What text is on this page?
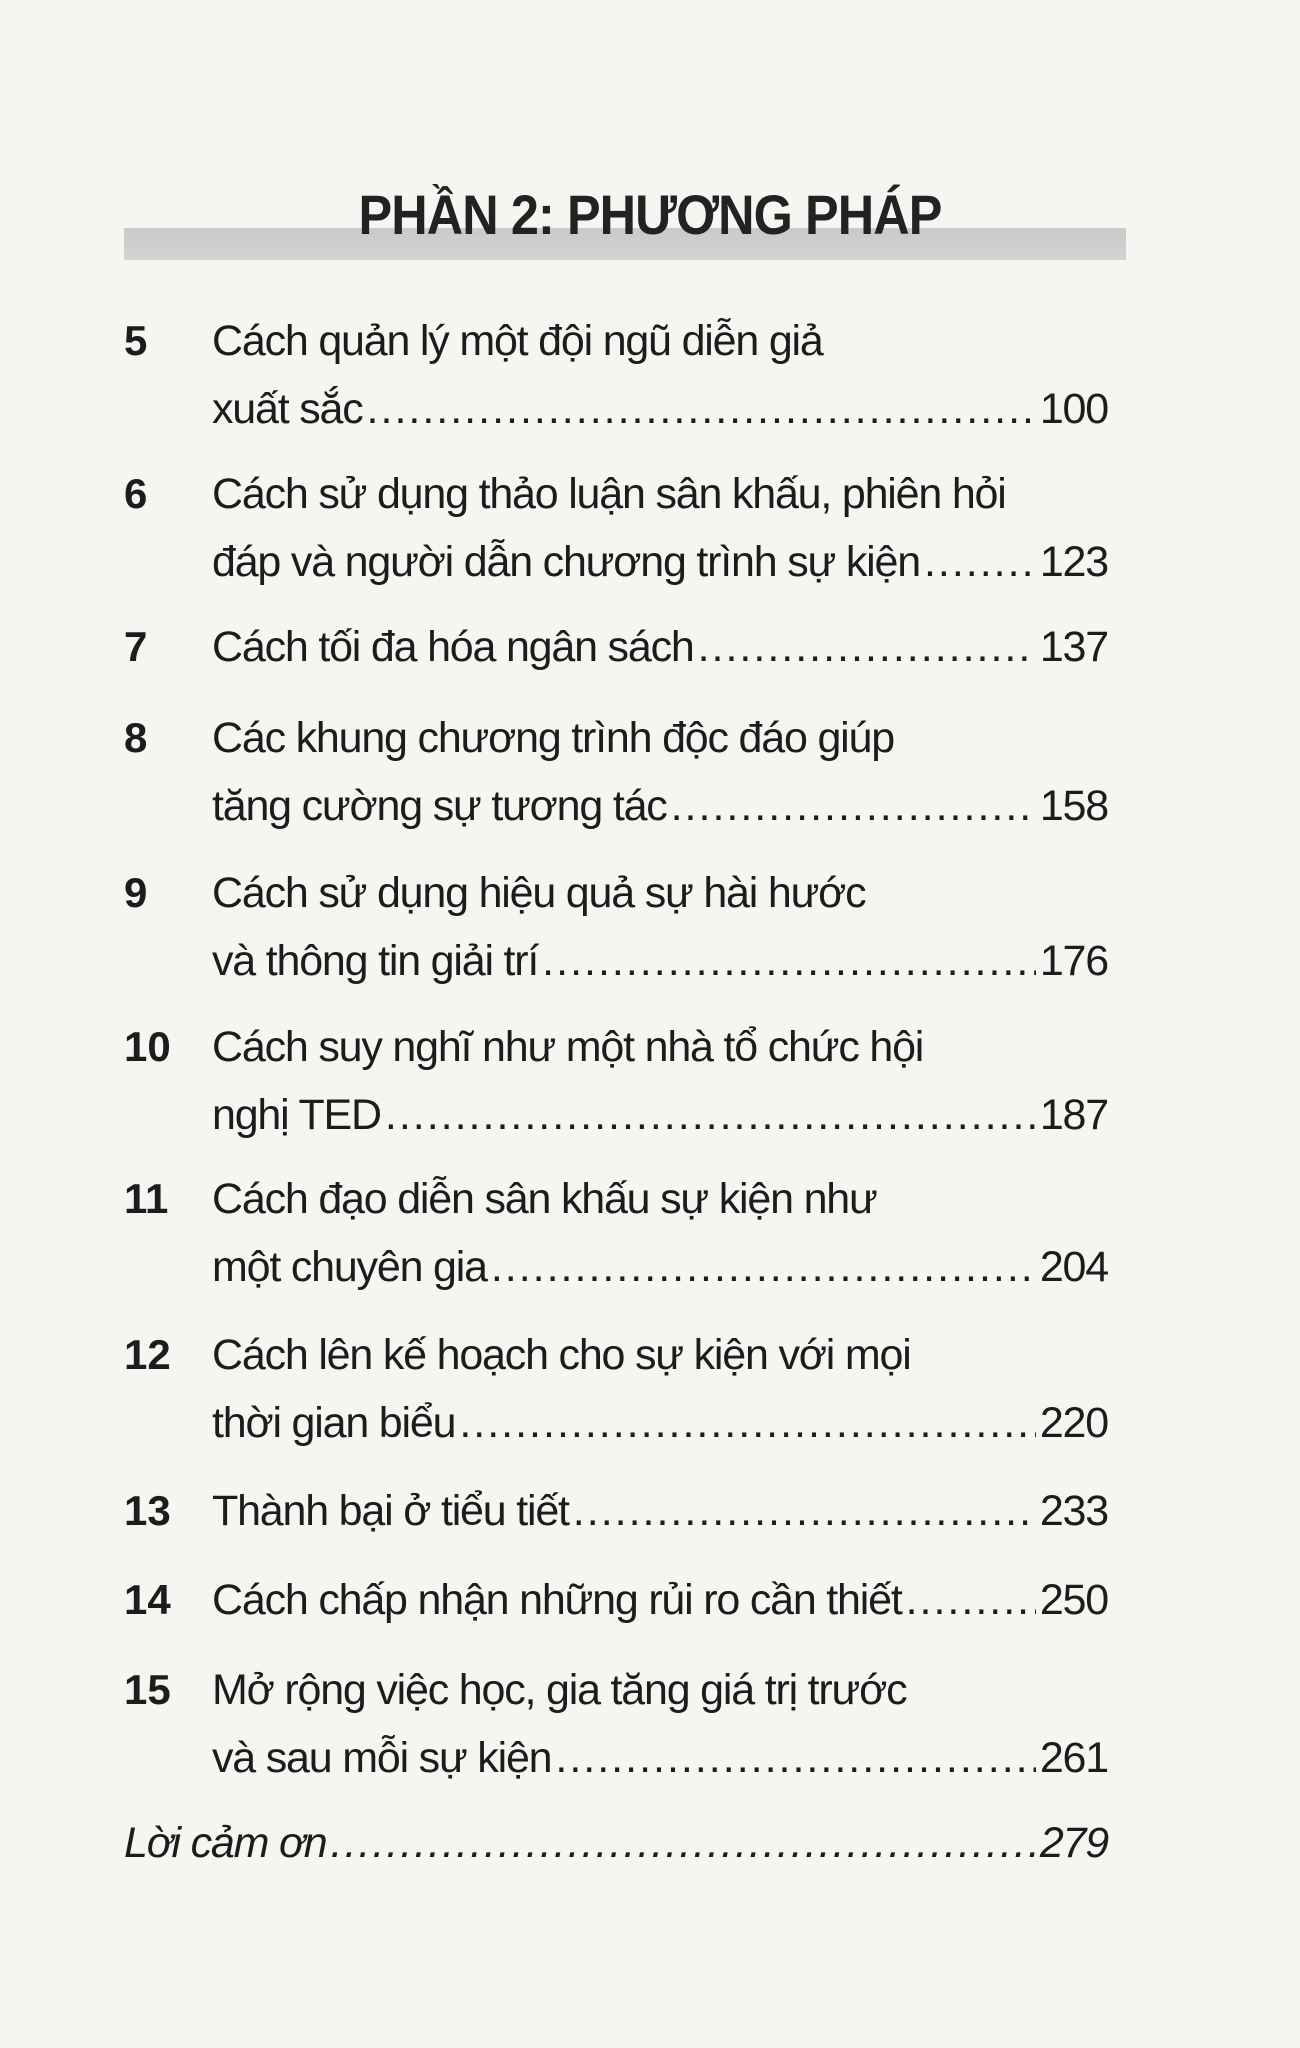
PHẦN 2: PHƯƠNG PHÁP
5 Cách quản lý một đội ngũ diễn giả
xuất sắc .....	100
6 Cách sử dụng thảo luận sân khấu, phiên hỏi
đáp và người dẫn chương trình sự kiện .....	123
7 Cách tối đa hóa ngân sách .....	137
8 Các khung chương trình độc đáo giúp
tăng cường sự tương tác .....	158
9 Cách sử dụng hiệu quả sự hài hước
và thông tin giải trí .....	176
10 Cách suy nghĩ như một nhà tổ chức hội
nghị TED .....	187
11 Cách đạo diễn sân khấu sự kiện như
một chuyên gia .....	204
12 Cách lên kế hoạch cho sự kiện với mọi
thời gian biểu .....	220
13 Thành bại ở tiểu tiết .....	233
14 Cách chấp nhận những rủi ro cần thiết .....	250
15 Mở rộng việc học, gia tăng giá trị trước
và sau mỗi sự kiện .....	261
Lời cảm ơn .....	279
